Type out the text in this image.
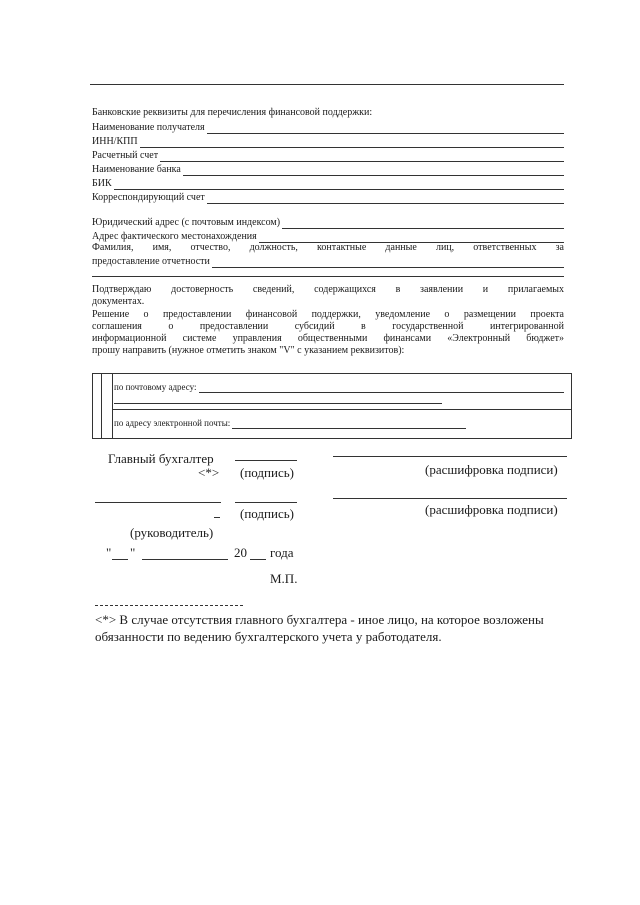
Банковские реквизиты для перечисления финансовой поддержки:
Наименование получателя
ИНН/КПП
Расчетный счет
Наименование банка
БИК
Корреспондирующий счет
Юридический адрес (с почтовым индексом)
Адрес фактического местонахождения
Фамилия, имя, отчество, должность, контактные данные лиц, ответственных за
предоставление отчетности
Подтверждаю достоверность сведений, содержащихся в заявлении и прилагаемых
документах.
Решение о предоставлении финансовой поддержки, уведомление о размещении проекта
соглашения о предоставлении субсидий в государственной интегрированной
информационной системе управления общественными финансами «Электронный бюджет»
прошу направить (нужное отметить знаком "V" с указанием реквизитов):
по почтовому адресу:
по адресу электронной почты:
Главный бухгалтер
<*> (подпись)	(расшифровка подписи)
(подпись)	(расшифровка подписи)
(руководитель)
" "	20 года
М.П.
<*> В случае отсутствия главного бухгалтера - иное лицо, на которое возложены
обязанности по ведению бухгалтерского учета у работодателя.
